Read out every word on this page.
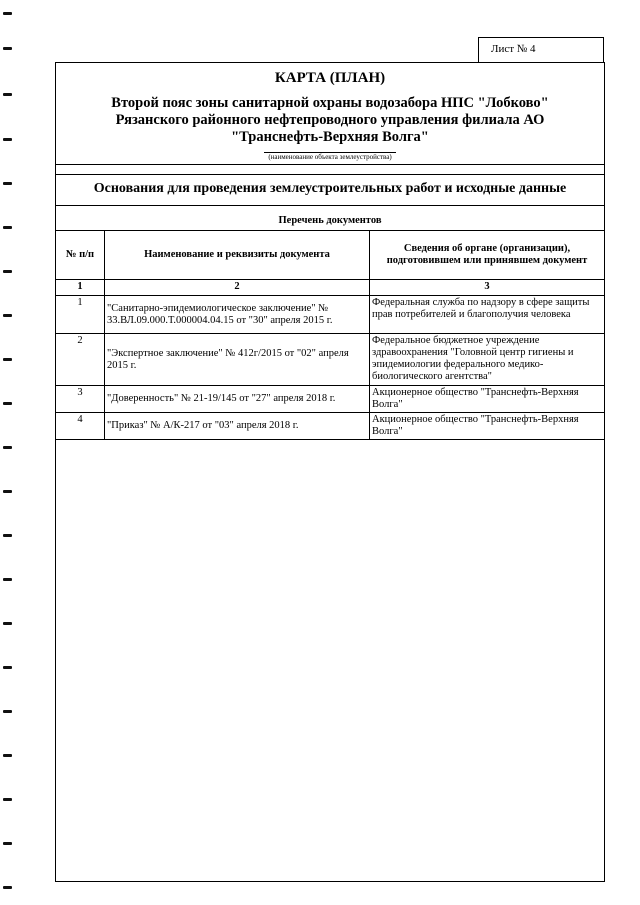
Лист № 4
КАРТА (ПЛАН)
Второй пояс зоны санитарной охраны водозабора НПС "Лобково"
Рязанского районного нефтепроводного управления филиала АО
"Транснефть-Верхняя Волга"
(наименование объекта землеустройства)
Основания для проведения землеустроительных работ и исходные данные
Перечень документов
№ п/п	Наименование и реквизиты документа	Сведения об органе (организации), подготовившем или принявшем документ
1	2	3
1	"Санитарно-эпидемиологическое заключение" № 33.ВЛ.09.000.Т.000004.04.15 от "30" апреля 2015 г.	Федеральная служба по надзору в сфере защиты прав потребителей и благополучия человека
2	"Экспертное заключение" № 412г/2015 от "02" апреля 2015 г.	Федеральное бюджетное учреждение здравоохранения "Головной центр гигиены и эпидемиологии федерального медико-биологического агентства"
3	"Доверенность" № 21-19/145 от "27" апреля 2018 г.	Акционерное общество "Транснефть-Верхняя Волга"
4	"Приказ" № А/К-217 от "03" апреля 2018 г.	Акционерное общество "Транснефть-Верхняя Волга"
